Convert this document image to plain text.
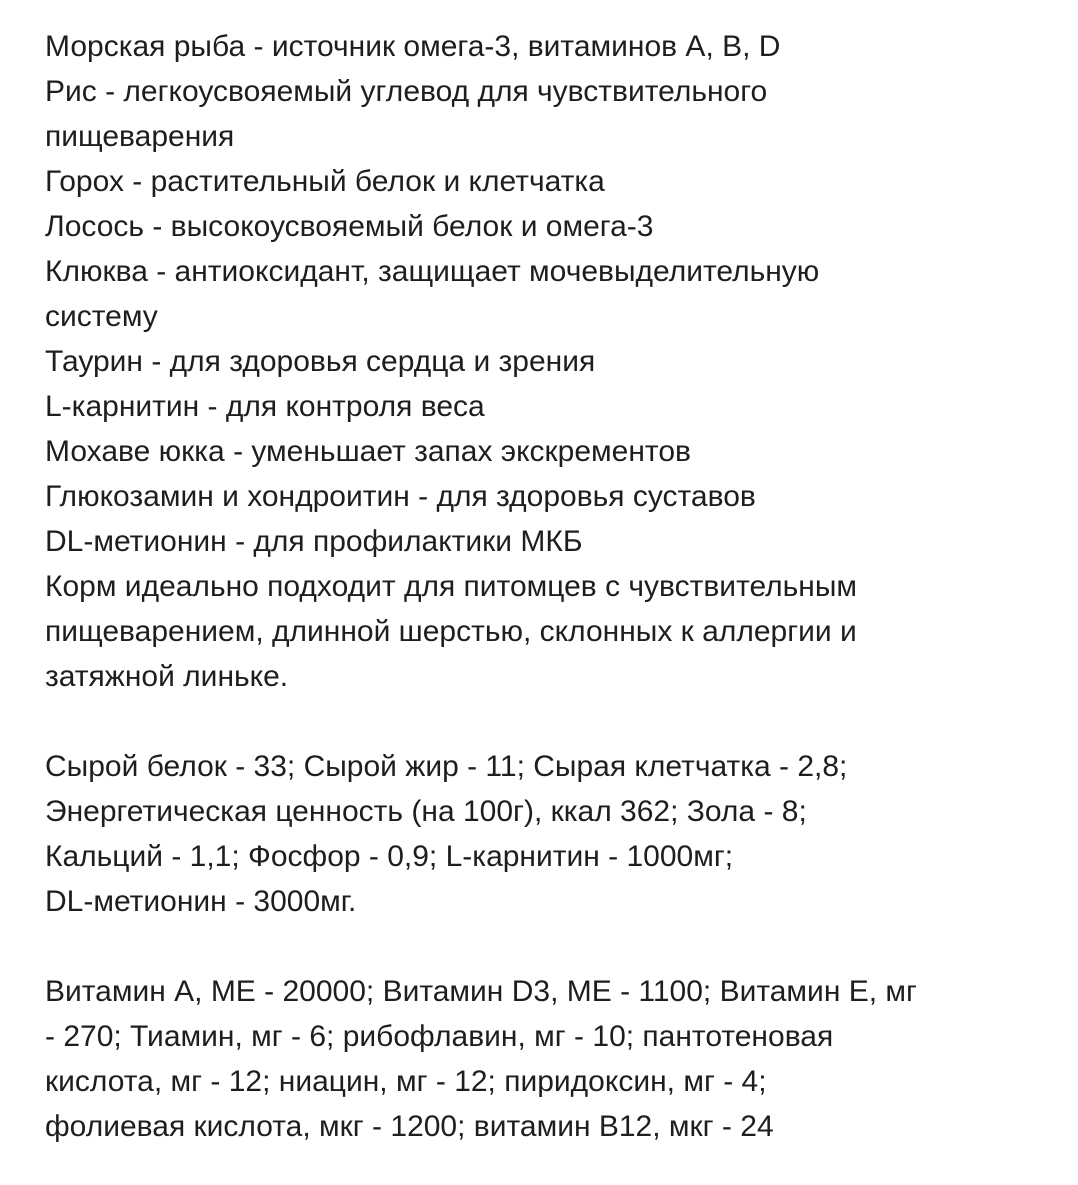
Морская рыба - источник омега-3, витаминов A, B, D

Рис - легкоусвояемый углевод для чувствительного

пищеварения

Горох - растительный белок и клетчатка

Лосось - высокоусвояемый белок и омега-3

Клюква - антиоксидант, защищает мочевыделительную

систему

Таурин - для здоровья сердца и зрения

L-карнитин - для контроля веса

Мохаве юкка - уменьшает запах экскрементов

Глюкозамин и хондроитин - для здоровья суставов

DL-метионин - для профилактики МКБ

Корм идеально подходит для питомцев с чувствительным

пищеварением, длинной шерстью, склонных к аллергии и

затяжной линьке.

Сырой белок - 33; Сырой жир - 11; Сырая клетчатка - 2,8;

Энергетическая ценность (на 100г), ккал 362; Зола - 8;

Кальций - 1,1; Фосфор - 0,9; L-карнитин - 1000мг;

DL-метионин - 3000мг.

Витамин A, МЕ - 20000; Витамин D3, МЕ - 1100; Витамин E, мг

- 270; Тиамин, мг - 6; рибофлавин, мг - 10; пантотеновая

кислота, мг - 12; ниацин, мг - 12; пиридоксин, мг - 4;

фолиевая кислота, мкг - 1200; витамин B12, мкг - 24
